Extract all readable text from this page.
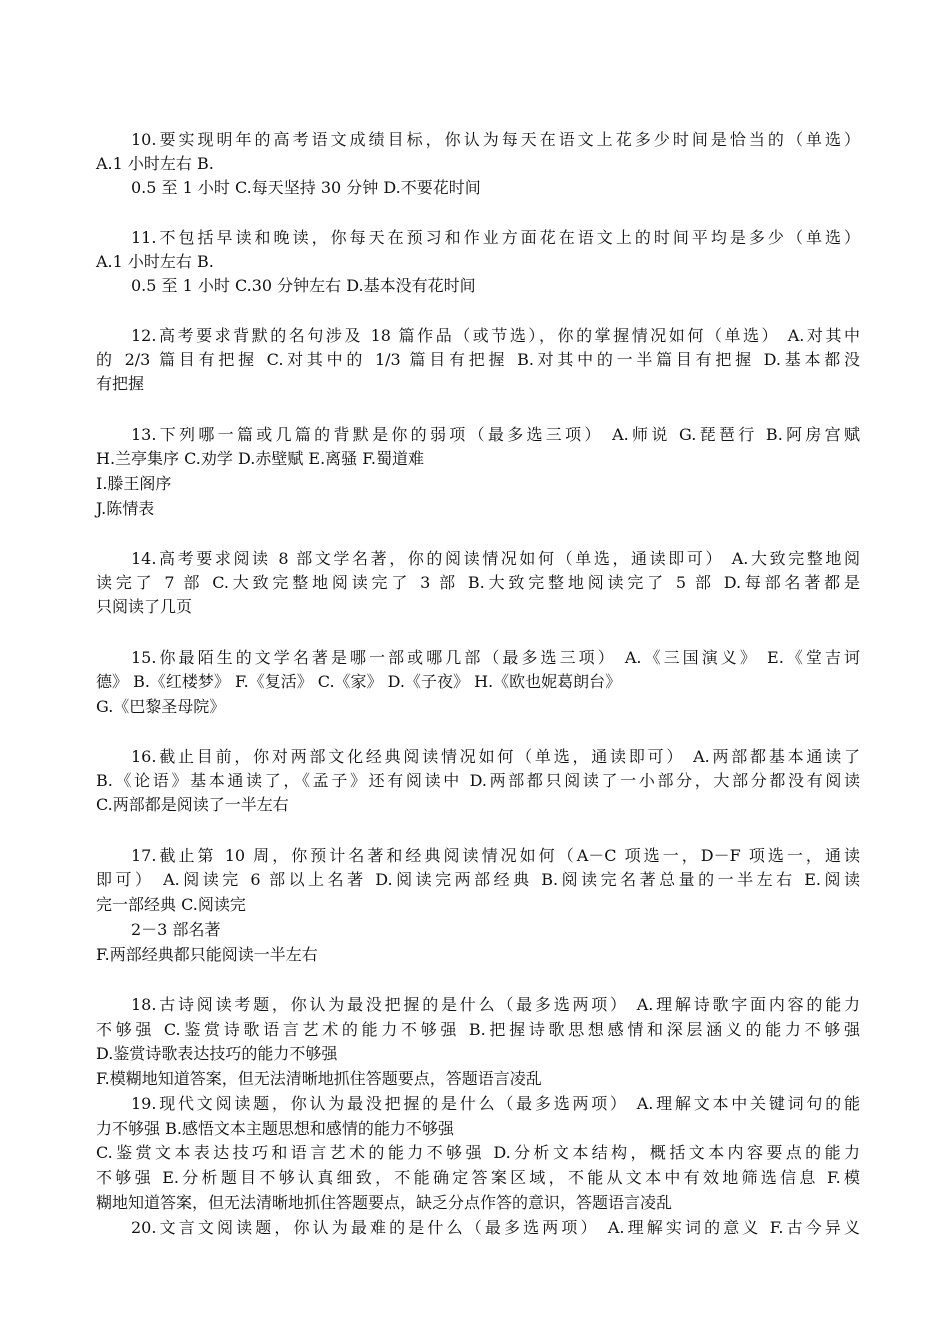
10.要实现明年的高考语文成绩目标，你认为每天在语文上花多少时间是恰当的（单选）
A.1 小时左右 B.
0.5 至 1 小时 C.每天坚持 30 分钟 D.不要花时间
11.不包括早读和晚读，你每天在预习和作业方面花在语文上的时间平均是多少（单选）
A.1 小时左右 B.
0.5 至 1 小时 C.30 分钟左右 D.基本没有花时间
12.高考要求背默的名句涉及 18 篇作品（或节选），你的掌握情况如何（单选） A.对其中
的 2/3 篇目有把握 C.对其中的 1/3 篇目有把握 B.对其中的一半篇目有把握 D.基本都没
有把握
13.下列哪一篇或几篇的背默是你的弱项（最多选三项） A.师说 G.琵琶行 B.阿房宫赋
H.兰亭集序 C.劝学 D.赤壁赋 E.离骚 F.蜀道难
I.滕王阁序
J.陈情表
14.高考要求阅读 8 部文学名著，你的阅读情况如何（单选，通读即可） A.大致完整地阅
读完了 7 部 C.大致完整地阅读完了 3 部 B.大致完整地阅读完了 5 部 D.每部名著都是
只阅读了几页
15.你最陌生的文学名著是哪一部或哪几部（最多选三项） A.《三国演义》 E.《堂吉诃
德》 B.《红楼梦》 F.《复活》 C.《家》 D.《子夜》 H.《欧也妮葛朗台》
G.《巴黎圣母院》
16.截止目前，你对两部文化经典阅读情况如何（单选，通读即可） A.两部都基本通读了
B.《论语》基本通读了，《孟子》还有阅读中 D.两部都只阅读了一小部分，大部分都没有阅读
C.两部都是阅读了一半左右
17.截止第 10 周，你预计名著和经典阅读情况如何（A－C 项选一，D－F 项选一，通读
即可） A.阅读完 6 部以上名著 D.阅读完两部经典 B.阅读完名著总量的一半左右 E.阅读
完一部经典 C.阅读完
2－3 部名著
F.两部经典都只能阅读一半左右
18.古诗阅读考题，你认为最没把握的是什么（最多选两项） A.理解诗歌字面内容的能力
不够强 C.鉴赏诗歌语言艺术的能力不够强 B.把握诗歌思想感情和深层涵义的能力不够强
D.鉴赏诗歌表达技巧的能力不够强
F.模糊地知道答案，但无法清晰地抓住答题要点，答题语言凌乱
19.现代文阅读题，你认为最没把握的是什么（最多选两项） A.理解文本中关键词句的能
力不够强 B.感悟文本主题思想和感情的能力不够强
C.鉴赏文本表达技巧和语言艺术的能力不够强 D.分析文本结构，概括文本内容要点的能力
不够强 E.分析题目不够认真细致，不能确定答案区域，不能从文本中有效地筛选信息 F.模
糊地知道答案，但无法清晰地抓住答题要点，缺乏分点作答的意识，答题语言凌乱
20.文言文阅读题，你认为最难的是什么（最多选两项） A.理解实词的意义 F.古今异义
